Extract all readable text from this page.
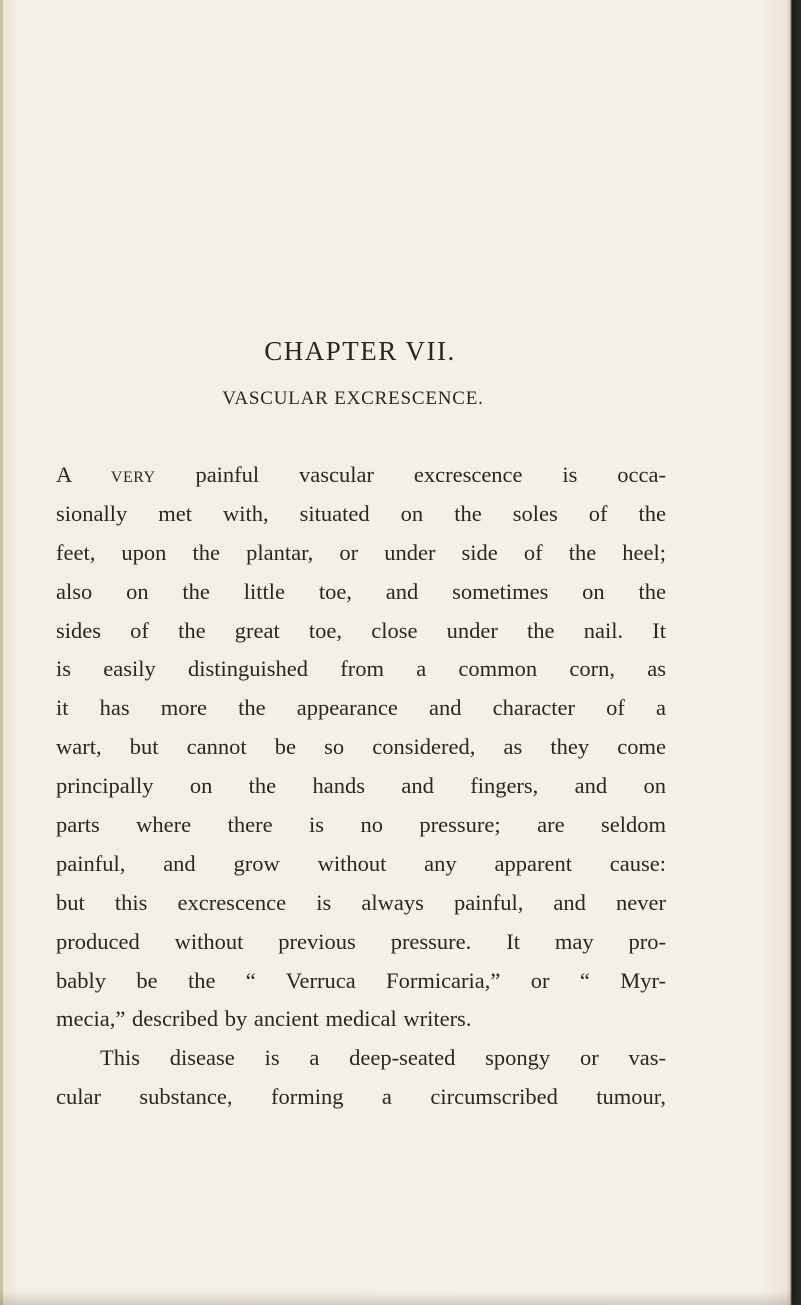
CHAPTER VII.
VASCULAR EXCRESCENCE.
A very painful vascular excrescence is occa-
sionally met with, situated on the soles of the
feet, upon the plantar, or under side of the heel;
also on the little toe, and sometimes on the
sides of the great toe, close under the nail. It
is easily distinguished from a common corn, as
it has more the appearance and character of a
wart, but cannot be so considered, as they come
principally on the hands and fingers, and on
parts where there is no pressure; are seldom
painful, and grow without any apparent cause:
but this excrescence is always painful, and never
produced without previous pressure. It may pro-
bably be the “ Verruca Formicaria,” or “ Myr-
mecia,” described by ancient medical writers.
This disease is a deep-seated spongy or vas-
cular substance, forming a circumscribed tumour,
